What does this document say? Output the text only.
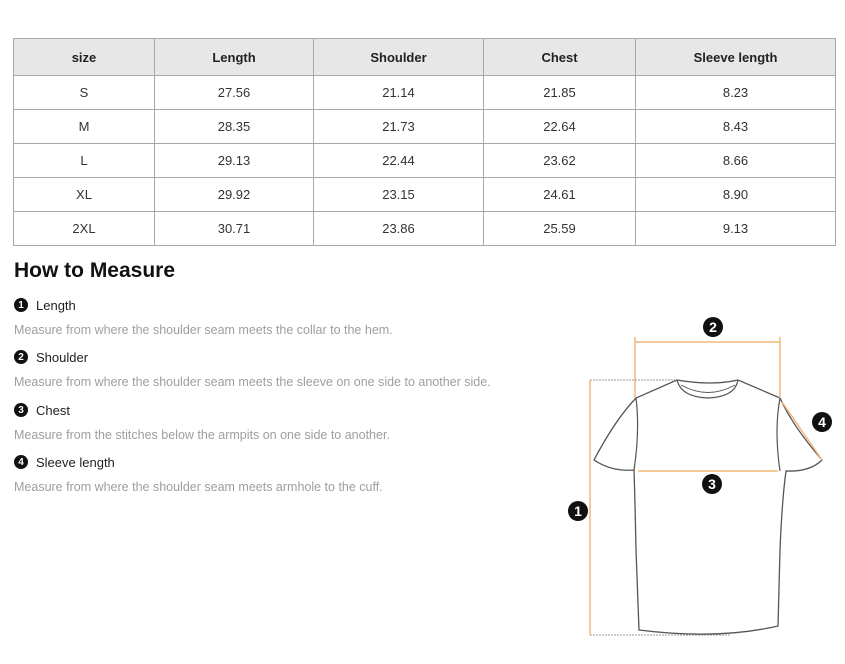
size	Length	Shoulder	Chest	Sleeve length
S	27.56	21.14	21.85	8.23
M	28.35	21.73	22.64	8.43
L	29.13	22.44	23.62	8.66
XL	29.92	23.15	24.61	8.90
2XL	30.71	23.86	25.59	9.13
How to Measure
1 Length
Measure from where the shoulder seam meets the collar to the hem.
2 Shoulder
Measure from where the shoulder seam meets the sleeve on one side to another side.
3 Chest
Measure from the stitches below the armpits on one side to another.
4 Sleeve length
Measure from where the shoulder seam meets armhole to the cuff.
1
2
3
4
